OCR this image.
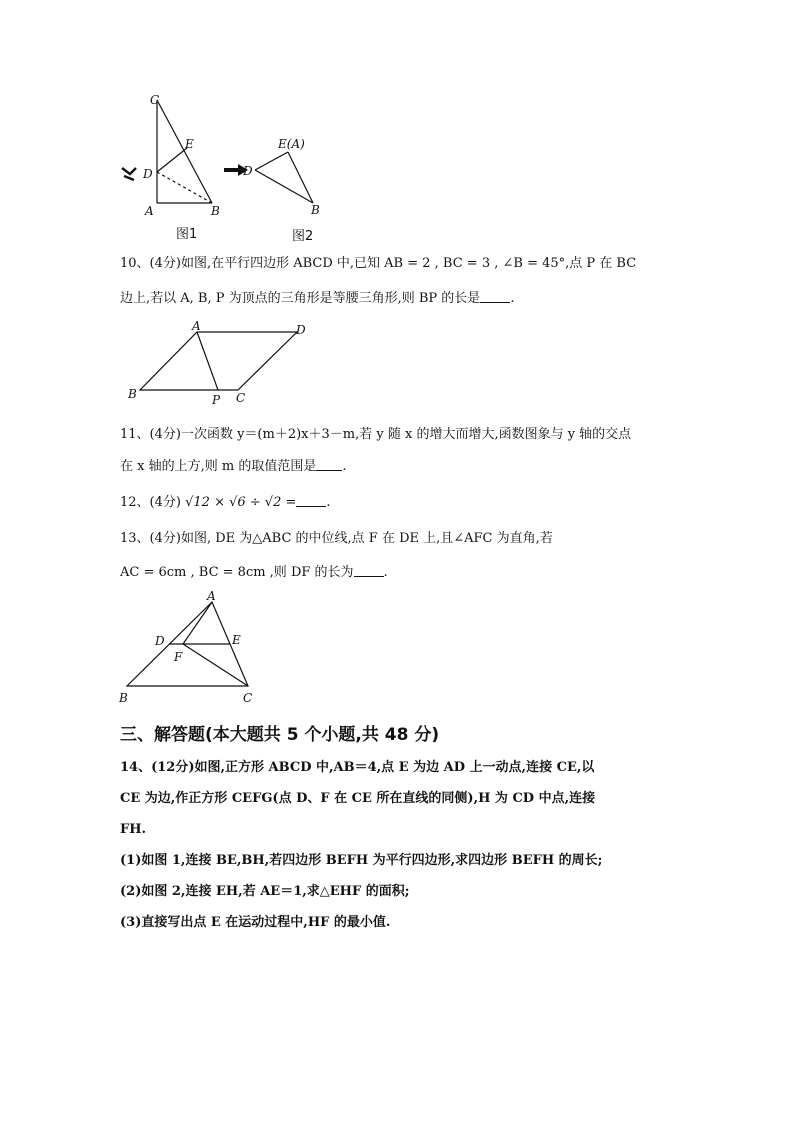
C
E
D
A	B
E(A)
D
B
图1	图2
10、(4分)如图,在平行四边形 ABCD 中,已知 AB = 2 , BC = 3 , ∠B = 45°,点 P 在 BC
边上,若以 A, B, P 为顶点的三角形是等腰三角形,则 BP 的长是 .
A	D
B	P C
11、(4分)一次函数 y＝(m＋2)x＋3－m,若 y 随 x 的增大而增大,函数图象与 y 轴的交点
在 x 轴的上方,则 m 的取值范围是 .
12、(4分) √12 × √6 ÷ √2 = .
13、(4分)如图, DE 为△ABC 的中位线,点 F 在 DE 上,且∠AFC 为直角,若
AC = 6cm , BC = 8cm ,则 DF 的长为 .
A
D	E
F
B	C
三、解答题(本大题共 5 个小题,共 48 分)
14、(12分)如图,正方形 ABCD 中,AB＝4,点 E 为边 AD 上一动点,连接 CE,以
CE 为边,作正方形 CEFG(点 D、F 在 CE 所在直线的同侧),H 为 CD 中点,连接
FH.
(1)如图 1,连接 BE,BH,若四边形 BEFH 为平行四边形,求四边形 BEFH 的周长;
(2)如图 2,连接 EH,若 AE＝1,求△EHF 的面积;
(3)直接写出点 E 在运动过程中,HF 的最小值.
